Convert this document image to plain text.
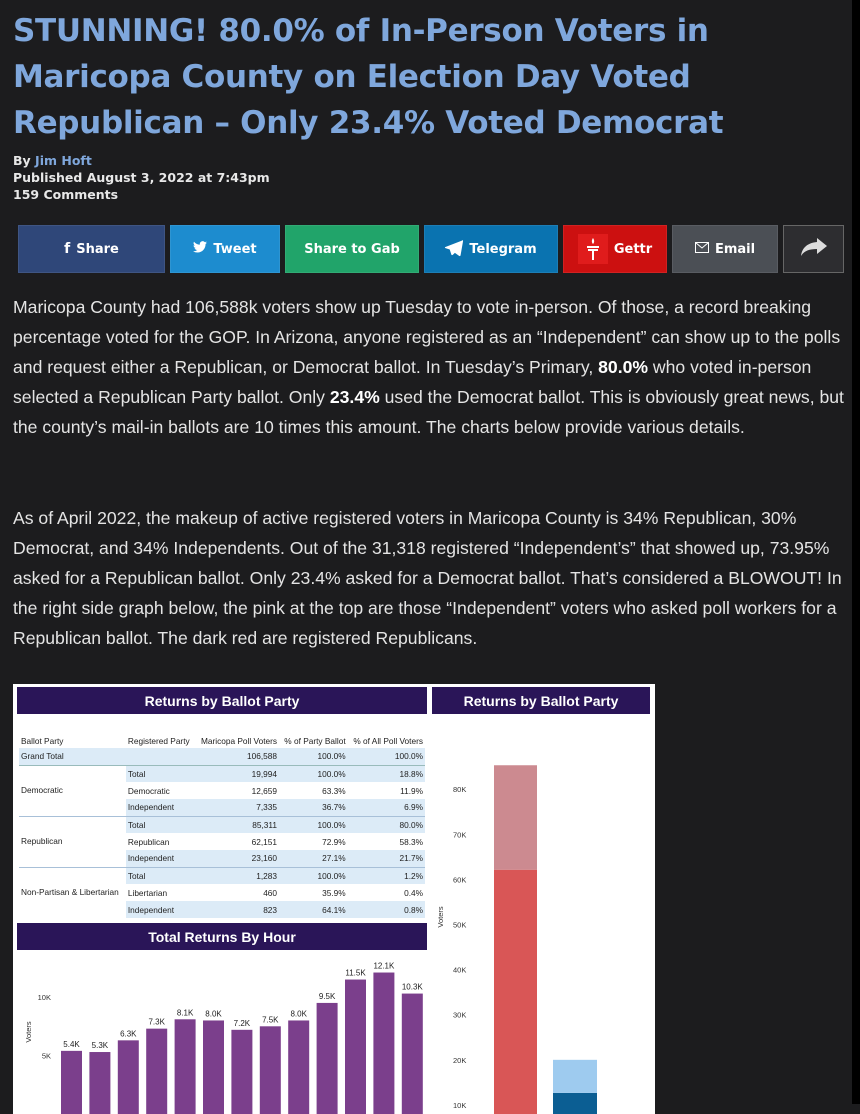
STUNNING! 80.0% of In-Person Voters in Maricopa County on Election Day Voted Republican – Only 23.4% Voted Democrat
By Jim Hoft
Published August 3, 2022 at 7:43pm
159 Comments
f Share	Tweet	Share to Gab	Telegram	Gettr	Email

Maricopa County had 106,588k voters show up Tuesday to vote in-person. Of those, a record breaking percentage voted for the GOP. In Arizona, anyone registered as an “Independent” can show up to the polls and request either a Republican, or Democrat ballot. In Tuesday’s Primary, 80.0% who voted in-person selected a Republican Party ballot. Only 23.4% used the Democrat ballot. This is obviously great news, but the county’s mail-in ballots are 10 times this amount. The charts below provide various details.

As of April 2022, the makeup of active registered voters in Maricopa County is 34% Republican, 30% Democrat, and 34% Independents. Out of the 31,318 registered “Independent’s” that showed up, 73.95% asked for a Republican ballot. Only 23.4% asked for a Democrat ballot. That’s considered a BLOWOUT! In the right side graph below, the pink at the top are those “Independent” voters who asked poll workers for a Republican ballot. The dark red are registered Republicans.

Returns by Ballot Party	Returns by Ballot Party
Ballot Party	Registered Party	Maricopa Poll Voters	% of Party Ballot	% of All Poll Voters
Grand Total		106,588	100.0%	100.0%
Democratic	Total	19,994	100.0%	18.8%
	Democratic	12,659	63.3%	11.9%
	Independent	7,335	36.7%	6.9%
Republican	Total	85,311	100.0%	80.0%
	Republican	62,151	72.9%	58.3%
	Independent	23,160	27.1%	21.7%
Non-Partisan & Libertarian	Total	1,283	100.0%	1.2%
	Libertarian	460	35.9%	0.4%
	Independent	823	64.1%	0.8%
Total Returns By Hour
Voters
5K
10K
5.4K 5.3K
6.3K
7.3K
8.1K 8.0K
7.2K 7.5K
8.0K
9.5K
11.5K
12.1K
10.3K
Voters
10K
20K
30K
40K
50K
60K
70K
80K
